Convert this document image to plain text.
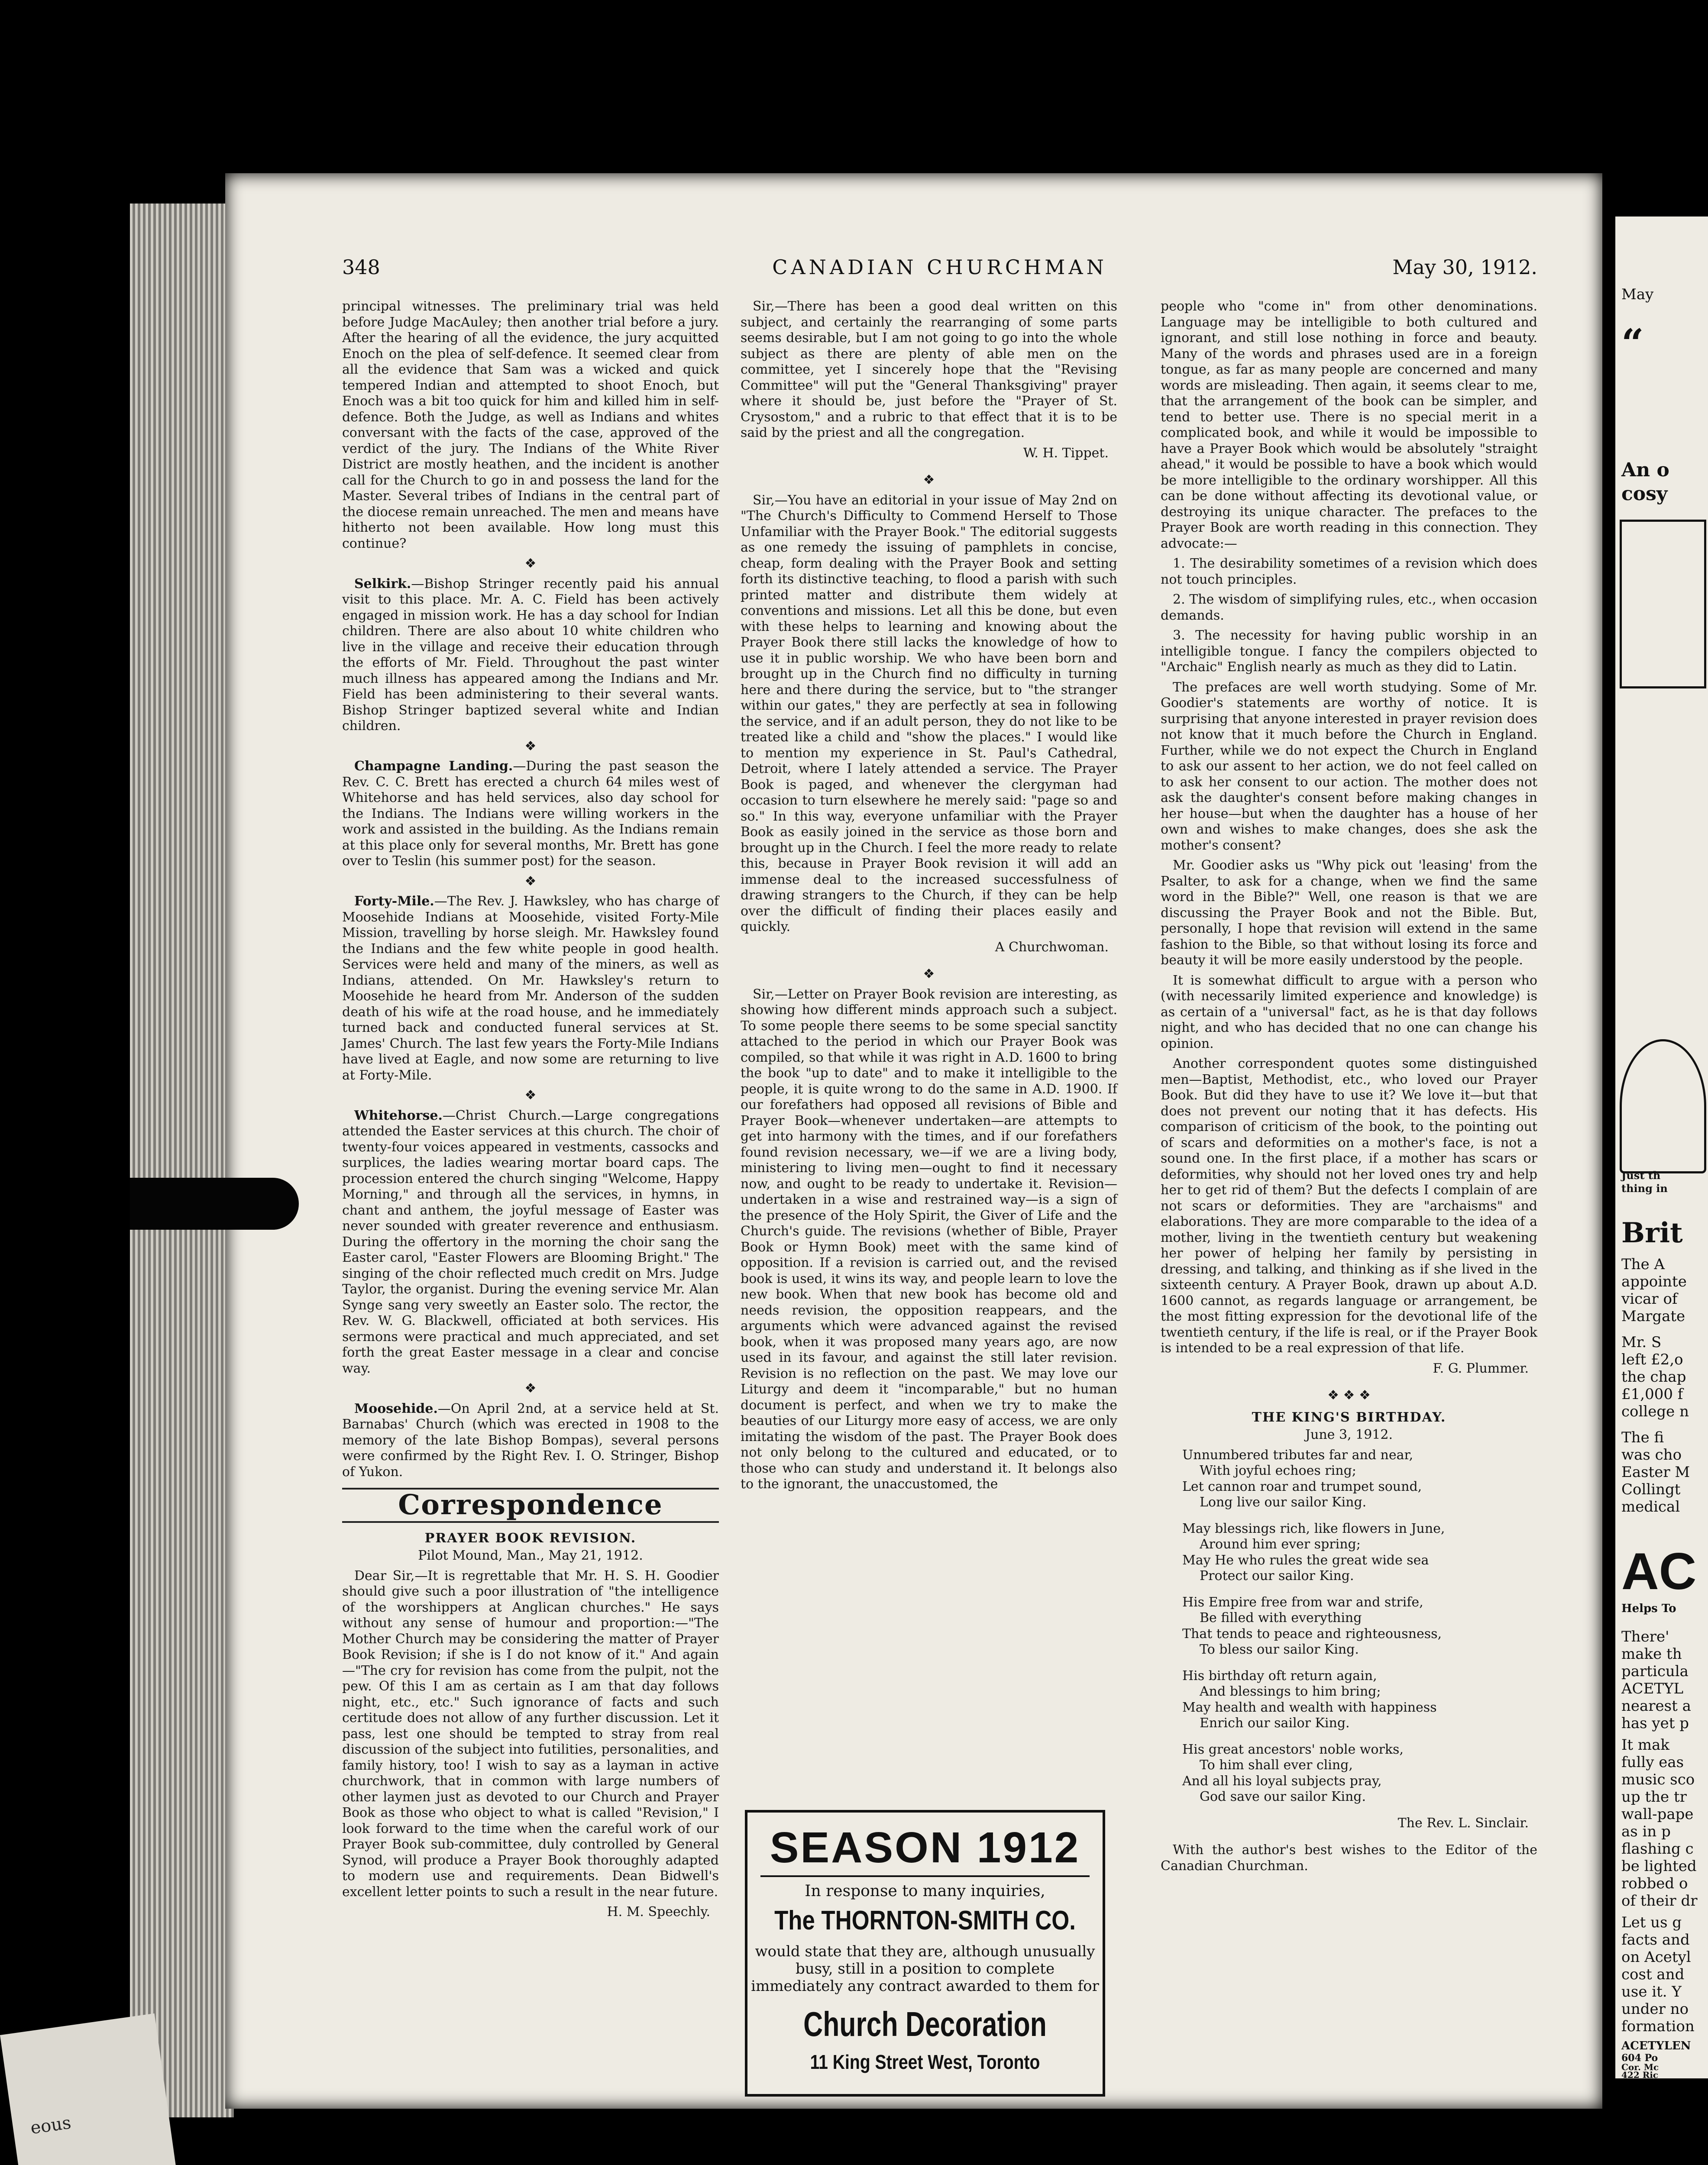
eous
348	CANADIAN CHURCHMAN	May 30, 1912.

principal witnesses. The preliminary trial was held before Judge MacAuley; then another trial before a jury. After the hearing of all the evidence, the jury acquitted Enoch on the plea of self-defence. It seemed clear from all the evidence that Sam was a wicked and quick tempered Indian and attempted to shoot Enoch, but Enoch was a bit too quick for him and killed him in self-defence. Both the Judge, as well as Indians and whites conversant with the facts of the case, approved of the verdict of the jury. The Indians of the White River District are mostly heathen, and the incident is another call for the Church to go in and possess the land for the Master. Several tribes of Indians in the central part of the diocese remain unreached. The men and means have hitherto not been available. How long must this continue?

❖

Selkirk.—Bishop Stringer recently paid his annual visit to this place. Mr. A. C. Field has been actively engaged in mission work. He has a day school for Indian children. There are also about 10 white children who live in the village and receive their education through the efforts of Mr. Field. Throughout the past winter much illness has appeared among the Indians and Mr. Field has been administering to their several wants. Bishop Stringer baptized several white and Indian children.

❖

Champagne Landing.—During the past season the Rev. C. C. Brett has erected a church 64 miles west of Whitehorse and has held services, also day school for the Indians. The Indians were willing workers in the work and assisted in the building. As the Indians remain at this place only for several months, Mr. Brett has gone over to Teslin (his summer post) for the season.

❖

Forty-Mile.—The Rev. J. Hawksley, who has charge of Moosehide Indians at Moosehide, visited Forty-Mile Mission, travelling by horse sleigh. Mr. Hawksley found the Indians and the few white people in good health. Services were held and many of the miners, as well as Indians, attended. On Mr. Hawksley's return to Moosehide he heard from Mr. Anderson of the sudden death of his wife at the road house, and he immediately turned back and conducted funeral services at St. James' Church. The last few years the Forty-Mile Indians have lived at Eagle, and now some are returning to live at Forty-Mile.

❖

Whitehorse.—Christ Church.—Large congregations attended the Easter services at this church. The choir of twenty-four voices appeared in vestments, cassocks and surplices, the ladies wearing mortar board caps. The procession entered the church singing "Welcome, Happy Morning," and through all the services, in hymns, in chant and anthem, the joyful message of Easter was never sounded with greater reverence and enthusiasm. During the offertory in the morning the choir sang the Easter carol, "Easter Flowers are Blooming Bright." The singing of the choir reflected much credit on Mrs. Judge Taylor, the organist. During the evening service Mr. Alan Synge sang very sweetly an Easter solo. The rector, the Rev. W. G. Blackwell, officiated at both services. His sermons were practical and much appreciated, and set forth the great Easter message in a clear and concise way.

❖

Moosehide.—On April 2nd, at a service held at St. Barnabas' Church (which was erected in 1908 to the memory of the late Bishop Bompas), several persons were confirmed by the Right Rev. I. O. Stringer, Bishop of Yukon.

Correspondence
PRAYER BOOK REVISION.
Pilot Mound, Man., May 21, 1912.

Dear Sir,—It is regrettable that Mr. H. S. H. Goodier should give such a poor illustration of "the intelligence of the worshippers at Anglican churches." He says without any sense of humour and proportion:—"The Mother Church may be considering the matter of Prayer Book Revision; if she is I do not know of it." And again—"The cry for revision has come from the pulpit, not the pew. Of this I am as certain as I am that day follows night, etc., etc." Such ignorance of facts and such certitude does not allow of any further discussion. Let it pass, lest one should be tempted to stray from real discussion of the subject into futilities, personalities, and family history, too! I wish to say as a layman in active churchwork, that in common with large numbers of other laymen just as devoted to our Church and Prayer Book as those who object to what is called "Revision," I look forward to the time when the careful work of our Prayer Book sub-committee, duly controlled by General Synod, will produce a Prayer Book thoroughly adapted to modern use and requirements. Dean Bidwell's excellent letter points to such a result in the near future.

H. M. Speechly.

Sir,—There has been a good deal written on this subject, and certainly the rearranging of some parts seems desirable, but I am not going to go into the whole subject as there are plenty of able men on the committee, yet I sincerely hope that the "Revising Committee" will put the "General Thanksgiving" prayer where it should be, just before the "Prayer of St. Crysostom," and a rubric to that effect that it is to be said by the priest and all the congregation.

W. H. Tippet.
❖

Sir,—You have an editorial in your issue of May 2nd on "The Church's Difficulty to Commend Herself to Those Unfamiliar with the Prayer Book." The editorial suggests as one remedy the issuing of pamphlets in concise, cheap, form dealing with the Prayer Book and setting forth its distinctive teaching, to flood a parish with such printed matter and distribute them widely at conventions and missions. Let all this be done, but even with these helps to learning and knowing about the Prayer Book there still lacks the knowledge of how to use it in public worship. We who have been born and brought up in the Church find no difficulty in turning here and there during the service, but to "the stranger within our gates," they are perfectly at sea in following the service, and if an adult person, they do not like to be treated like a child and "show the places." I would like to mention my experience in St. Paul's Cathedral, Detroit, where I lately attended a service. The Prayer Book is paged, and whenever the clergyman had occasion to turn elsewhere he merely said: "page so and so." In this way, everyone unfamiliar with the Prayer Book as easily joined in the service as those born and brought up in the Church. I feel the more ready to relate this, because in Prayer Book revision it will add an immense deal to the increased successfulness of drawing strangers to the Church, if they can be help over the difficult of finding their places easily and quickly.

A Churchwoman.
❖

Sir,—Letter on Prayer Book revision are interesting, as showing how different minds approach such a subject. To some people there seems to be some special sanctity attached to the period in which our Prayer Book was compiled, so that while it was right in A.D. 1600 to bring the book "up to date" and to make it intelligible to the people, it is quite wrong to do the same in A.D. 1900. If our forefathers had opposed all revisions of Bible and Prayer Book—whenever undertaken—are attempts to get into harmony with the times, and if our forefathers found revision necessary, we—if we are a living body, ministering to living men—ought to find it necessary now, and ought to be ready to undertake it. Revision—undertaken in a wise and restrained way—is a sign of the presence of the Holy Spirit, the Giver of Life and the Church's guide. The revisions (whether of Bible, Prayer Book or Hymn Book) meet with the same kind of opposition. If a revision is carried out, and the revised book is used, it wins its way, and people learn to love the new book. When that new book has become old and needs revision, the opposition reappears, and the arguments which were advanced against the revised book, when it was proposed many years ago, are now used in its favour, and against the still later revision. Revision is no reflection on the past. We may love our Liturgy and deem it "incomparable," but no human document is perfect, and when we try to make the beauties of our Liturgy more easy of access, we are only imitating the wisdom of the past. The Prayer Book does not only belong to the cultured and educated, or to those who can study and understand it. It belongs also to the ignorant, the unaccustomed, the

SEASON 1912
In response to many inquiries,
The THORNTON-SMITH CO.
would state that they are, although unusually busy, still in a position to complete immediately any contract awarded to them for
Church Decoration
11 King Street West, Toronto

people who "come in" from other denominations. Language may be intelligible to both cultured and ignorant, and still lose nothing in force and beauty. Many of the words and phrases used are in a foreign tongue, as far as many people are concerned and many words are misleading. Then again, it seems clear to me, that the arrangement of the book can be simpler, and tend to better use. There is no special merit in a complicated book, and while it would be impossible to have a Prayer Book which would be absolutely "straight ahead," it would be possible to have a book which would be more intelligible to the ordinary worshipper. All this can be done without affecting its devotional value, or destroying its unique character. The prefaces to the Prayer Book are worth reading in this connection. They advocate:—

1. The desirability sometimes of a revision which does not touch principles.

2. The wisdom of simplifying rules, etc., when occasion demands.

3. The necessity for having public worship in an intelligible tongue. I fancy the compilers objected to "Archaic" English nearly as much as they did to Latin.

The prefaces are well worth studying. Some of Mr. Goodier's statements are worthy of notice. It is surprising that anyone interested in prayer revision does not know that it much before the Church in England. Further, while we do not expect the Church in England to ask our assent to her action, we do not feel called on to ask her consent to our action. The mother does not ask the daughter's consent before making changes in her house—but when the daughter has a house of her own and wishes to make changes, does she ask the mother's consent?

Mr. Goodier asks us "Why pick out 'leasing' from the Psalter, to ask for a change, when we find the same word in the Bible?" Well, one reason is that we are discussing the Prayer Book and not the Bible. But, personally, I hope that revision will extend in the same fashion to the Bible, so that without losing its force and beauty it will be more easily understood by the people.

It is somewhat difficult to argue with a person who (with necessarily limited experience and knowledge) is as certain of a "universal" fact, as he is that day follows night, and who has decided that no one can change his opinion.

Another correspondent quotes some distinguished men—Baptist, Methodist, etc., who loved our Prayer Book. But did they have to use it? We love it—but that does not prevent our noting that it has defects. His comparison of criticism of the book, to the pointing out of scars and deformities on a mother's face, is not a sound one. In the first place, if a mother has scars or deformities, why should not her loved ones try and help her to get rid of them? But the defects I complain of are not scars or deformities. They are "archaisms" and elaborations. They are more comparable to the idea of a mother, living in the twentieth century but weakening her power of helping her family by persisting in dressing, and talking, and thinking as if she lived in the sixteenth century. A Prayer Book, drawn up about A.D. 1600 cannot, as regards language or arrangement, be the most fitting expression for the devotional life of the twentieth century, if the life is real, or if the Prayer Book is intended to be a real expression of that life.

F. G. Plummer.
❖ ❖ ❖
THE KING'S BIRTHDAY.
June 3, 1912.
Unnumbered tributes far and near,
With joyful echoes ring;
Let cannon roar and trumpet sound,
Long live our sailor King.
May blessings rich, like flowers in June,
Around him ever spring;
May He who rules the great wide sea
Protect our sailor King.
His Empire free from war and strife,
Be filled with everything
That tends to peace and righteousness,
To bless our sailor King.
His birthday oft return again,
And blessings to him bring;
May health and wealth with happiness
Enrich our sailor King.
His great ancestors' noble works,
To him shall ever cling,
And all his loyal subjects pray,
God save our sailor King.
The Rev. L. Sinclair.

With the author's best wishes to the Editor of the Canadian Churchman.

May
“
An o
cosy
Just th
thing in
Brit
The A
appointe
vicar of
Margate
Mr. S
left £2,o
the chap
£1,000 f
college n
The fi
was cho
Easter M
Collingt
medical
AC
Helps To
There'
make th
particula
ACETYL
nearest a
has yet p
It mak
fully eas
music sco
up the tr
wall-pape
as in p
flashing c
be lighted
robbed o
of their dr
Let us g
facts and
on Acetyl
cost and
use it. Y
under no
formation
ACETYLEN
604 Po
Cor. Mc
422 Ric
